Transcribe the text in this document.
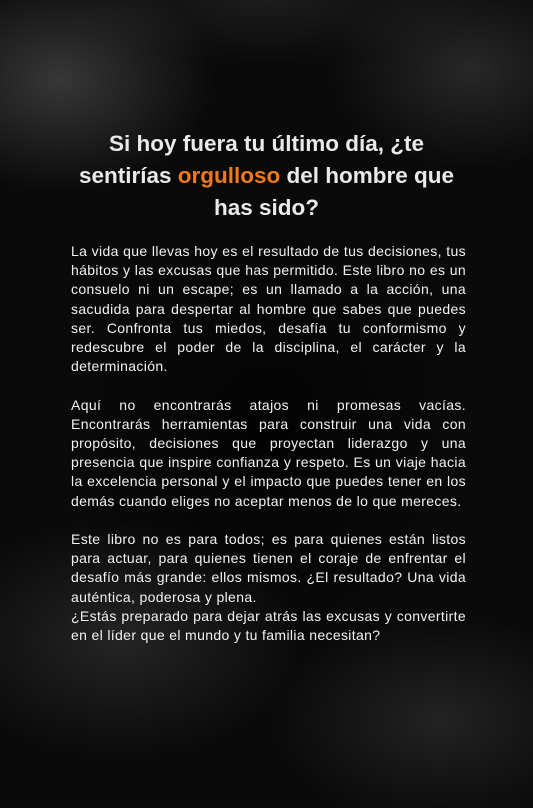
Si hoy fuera tu último día, ¿te
sentirías orgulloso del hombre que
has sido?

La vida que llevas hoy es el resultado de tus decisiones, tus hábitos y las excusas que has permitido. Este libro no es un consuelo ni un escape; es un llamado a la acción, una sacudida para despertar al hombre que sabes que puedes ser. Confronta tus miedos, desafía tu conformismo y redescubre el poder de la disciplina, el carácter y la determinación.

Aquí no encontrarás atajos ni promesas vacías. Encontrarás herramientas para construir una vida con propósito, decisiones que proyectan liderazgo y una presencia que inspire confianza y respeto. Es un viaje hacia la excelencia personal y el impacto que puedes tener en los demás cuando eliges no aceptar menos de lo que mereces.

Este libro no es para todos; es para quienes están listos para actuar, para quienes tienen el coraje de enfrentar el desafío más grande: ellos mismos. ¿El resultado? Una vida auténtica, poderosa y plena.

¿Estás preparado para dejar atrás las excusas y convertirte en el líder que el mundo y tu familia necesitan?
